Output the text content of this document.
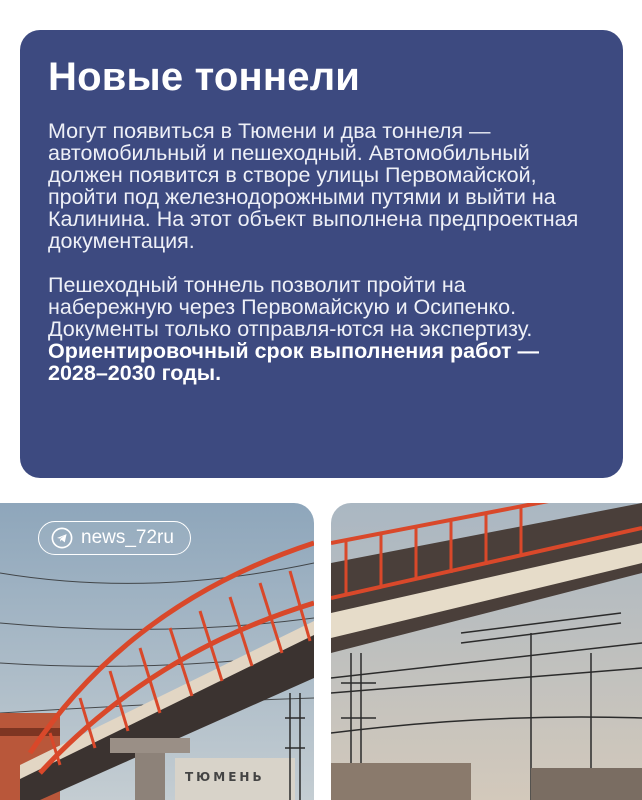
Новые тоннели

Могут появиться в Тюмени и два тоннеля — автомобильный и пешеходный. Автомобильный должен появится в створе улицы Первомайской, пройти под железнодорожными путями и выйти на Калинина. На этот объект выполнена предпроектная документация.

Пешеходный тоннель позволит пройти на набережную через Первомайскую и Осипенко. Документы только отправля-ются на экспертизу. Ориентировочный срок выполнения работ — 2028–2030 годы.

ТЮМЕНЬ
news_72ru
